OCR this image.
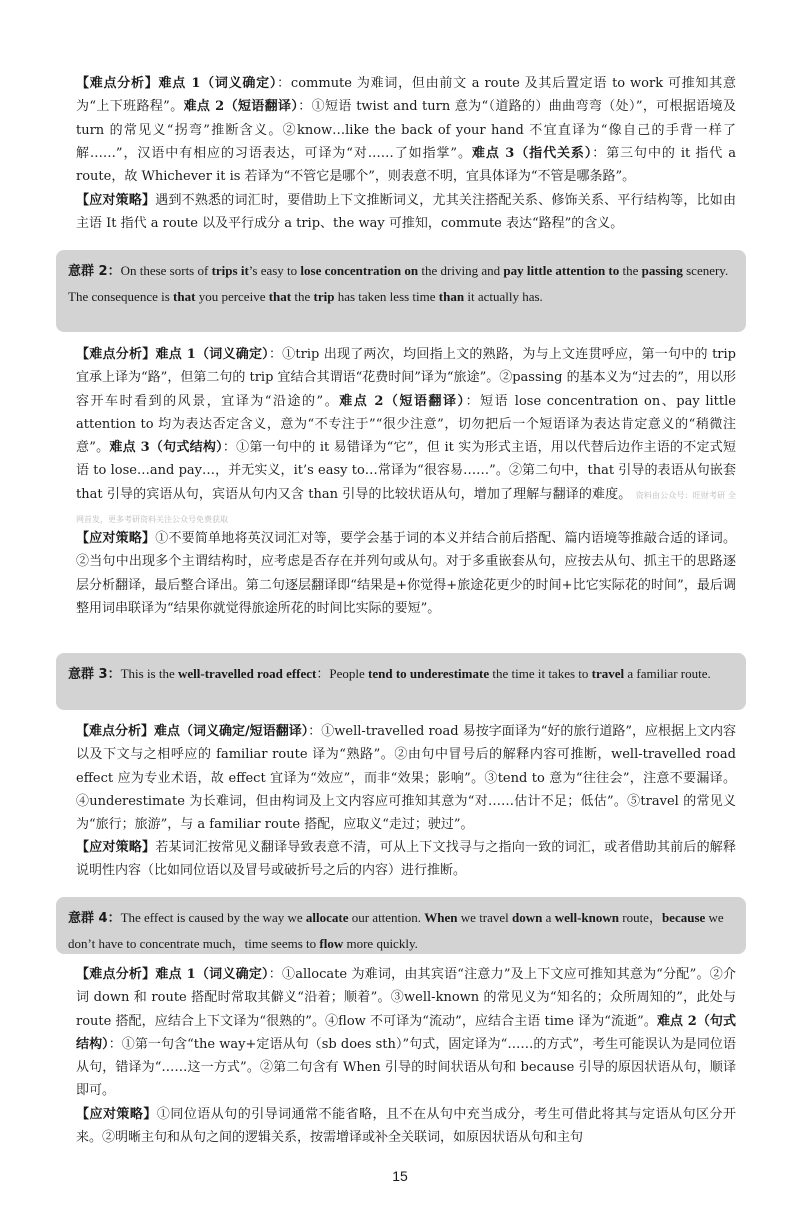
【难点分析】难点 1（词义确定）：commute 为难词，但由前文 a route 及其后置定语 to work 可推知其意为“上下班路程”。难点 2（短语翻译）：①短语 twist and turn 意为“（道路的）曲曲弯弯（处）”，可根据语境及 turn 的常见义“拐弯”推断含义。②know…like the back of your hand 不宜直译为“像自己的手背一样了解……”，汉语中有相应的习语表达，可译为“对……了如指掌”。难点 3（指代关系）：第三句中的 it 指代 a route，故 Whichever it is 若译为“不管它是哪个”，则表意不明，宜具体译为“不管是哪条路”。

【应对策略】遇到不熟悉的词汇时，要借助上下文推断词义，尤其关注搭配关系、修饰关系、平行结构等，比如由主语 It 指代 a route 以及平行成分 a trip、the way 可推知，commute 表达“路程”的含义。

意群 2：On these sorts of trips it’s easy to lose concentration on the driving and pay little attention to the passing scenery. The consequence is that you perceive that the trip has taken less time than it actually has.

【难点分析】难点 1（词义确定）：①trip 出现了两次，均回指上文的熟路，为与上文连贯呼应，第一句中的 trip 宜承上译为“路”，但第二句的 trip 宜结合其谓语“花费时间”译为“旅途”。②passing 的基本义为“过去的”，用以形容开车时看到的风景，宜译为“沿途的”。难点 2（短语翻译）：短语 lose concentration on、pay little attention to 均为表达否定含义，意为“不专注于”“很少注意”，切勿把后一个短语译为表达肯定意义的“稍微注意”。难点 3（句式结构）：①第一句中的 it 易错译为“它”，但 it 实为形式主语，用以代替后边作主语的不定式短语 to lose…and pay…，并无实义，it’s easy to…常译为“很容易……”。②第二句中，that 引导的表语从句嵌套 that 引导的宾语从句，宾语从句内又含 than 引导的比较状语从句，增加了理解与翻译的难度。 资料由公众号：旺财考研 全网首发，更多考研资料关注公众号免费获取

【应对策略】①不要简单地将英汉词汇对等，要学会基于词的本义并结合前后搭配、篇内语境等推敲合适的译词。②当句中出现多个主谓结构时，应考虑是否存在并列句或从句。对于多重嵌套从句，应按去从句、抓主干的思路逐层分析翻译，最后整合译出。第二句逐层翻译即“结果是+你觉得+旅途花更少的时间+比它实际花的时间”，最后调整用词串联译为“结果你就觉得旅途所花的时间比实际的要短”。

意群 3：This is the well-travelled road effect：People tend to underestimate the time it takes to travel a familiar route.

【难点分析】难点（词义确定/短语翻译）：①well-travelled road 易按字面译为“好的旅行道路”，应根据上文内容以及下文与之相呼应的 familiar route 译为“熟路”。②由句中冒号后的解释内容可推断，well-travelled road effect 应为专业术语，故 effect 宜译为“效应”，而非“效果；影响”。③tend to 意为“往往会”，注意不要漏译。④underestimate 为长难词，但由构词及上文内容应可推知其意为“对……估计不足；低估”。⑤travel 的常见义为“旅行；旅游”，与 a familiar route 搭配，应取义“走过；驶过”。

【应对策略】若某词汇按常见义翻译导致表意不清，可从上下文找寻与之指向一致的词汇，或者借助其前后的解释说明性内容（比如同位语以及冒号或破折号之后的内容）进行推断。

意群 4：The effect is caused by the way we allocate our attention. When we travel down a well-known route，because we don’t have to concentrate much，time seems to flow more quickly.

【难点分析】难点 1（词义确定）：①allocate 为难词，由其宾语“注意力”及上下文应可推知其意为“分配”。②介词 down 和 route 搭配时常取其僻义“沿着；顺着”。③well-known 的常见义为“知名的；众所周知的”，此处与 route 搭配，应结合上下文译为“很熟的”。④flow 不可译为“流动”，应结合主语 time 译为“流逝”。难点 2（句式结构）：①第一句含“the way+定语从句（sb does sth）”句式，固定译为“……的方式”，考生可能误认为是同位语从句，错译为“……这一方式”。②第二句含有 When 引导的时间状语从句和 because 引导的原因状语从句，顺译即可。

【应对策略】①同位语从句的引导词通常不能省略，且不在从句中充当成分，考生可借此将其与定语从句区分开来。②明晰主句和从句之间的逻辑关系，按需增译或补全关联词，如原因状语从句和主句

15
